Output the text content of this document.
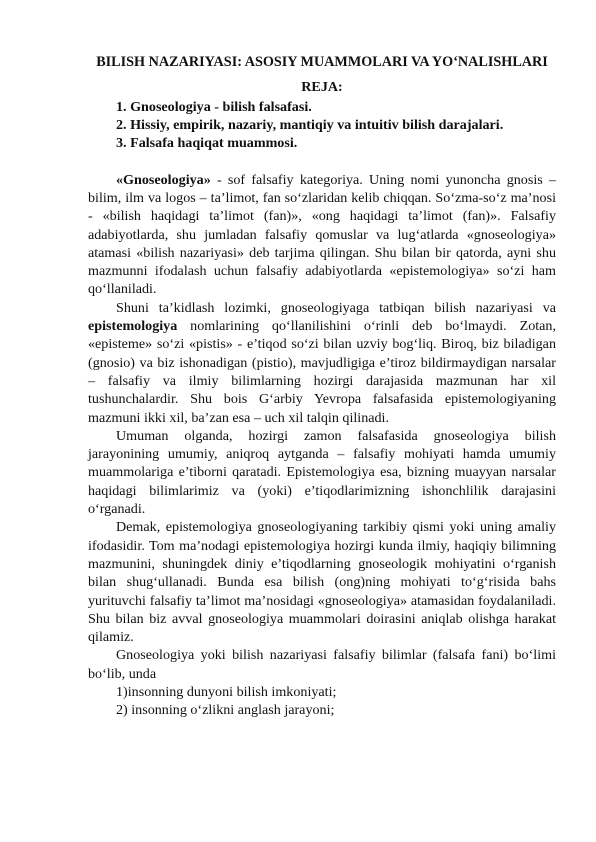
BILISH NAZARIYASI: ASOSIY MUAMMOLARI VA YO‘NALISHLARI
REJA:
1. Gnoseologiya - bilish falsafasi.
2. Hissiy, empirik, nazariy, mantiqiy va intuitiv bilish darajalari.
3. Falsafa haqiqat muammosi.

«Gnoseologiya» - sof falsafiy kategoriya. Uning nomi yunoncha gnosis – bilim, ilm va logos – ta’limot, fan so‘zlaridan kelib chiqqan. So‘zma-so‘z ma’nosi - «bilish haqidagi ta’limot (fan)», «ong haqidagi ta’limot (fan)». Falsafiy adabiyotlarda, shu jumladan falsafiy qomuslar va lug‘atlarda «gnoseologiya» atamasi «bilish nazariyasi» deb tarjima qilingan. Shu bilan bir qatorda, ayni shu mazmunni ifodalash uchun falsafiy adabiyotlarda «epistemologiya» so‘zi ham qo‘llaniladi.

Shuni ta’kidlash lozimki, gnoseologiyaga tatbiqan bilish nazariyasi va epistemologiya nomlarining qo‘llanilishini o‘rinli deb bo‘lmaydi. Zotan, «episteme» so‘zi «pistis» - e’tiqod so‘zi bilan uzviy bog‘liq. Biroq, biz biladigan (gnosio) va biz ishonadigan (pistio), mavjudligiga e’tiroz bildirmaydigan narsalar – falsafiy va ilmiy bilimlarning hozirgi darajasida mazmunan har xil tushunchalardir. Shu bois G‘arbiy Yevropa falsafasida epistemologiyaning mazmuni ikki xil, ba’zan esa – uch xil talqin qilinadi.

Umuman olganda, hozirgi zamon falsafasida gnoseologiya bilish jarayonining umumiy, aniqroq aytganda – falsafiy mohiyati hamda umumiy muammolariga e’tiborni qaratadi. Epistemologiya esa, bizning muayyan narsalar haqidagi bilimlarimiz va (yoki) e’tiqodlarimizning ishonchlilik darajasini o‘rganadi.

Demak, epistemologiya gnoseologiyaning tarkibiy qismi yoki uning amaliy ifodasidir. Tom ma’nodagi epistemologiya hozirgi kunda ilmiy, haqiqiy bilimning mazmunini, shuningdek diniy e’tiqodlarning gnoseologik mohiyatini o‘rganish bilan shug‘ullanadi. Bunda esa bilish (ong)ning mohiyati to‘g‘risida bahs yurituvchi falsafiy ta’limot ma’nosidagi «gnoseologiya» atamasidan foydalaniladi. Shu bilan biz avval gnoseologiya muammolari doirasini aniqlab olishga harakat qilamiz.

Gnoseologiya yoki bilish nazariyasi falsafiy bilimlar (falsafa fani) bo‘limi bo‘lib, unda

1)insonning dunyoni bilish imkoniyati;
2) insonning o‘zlikni anglash jarayoni;
